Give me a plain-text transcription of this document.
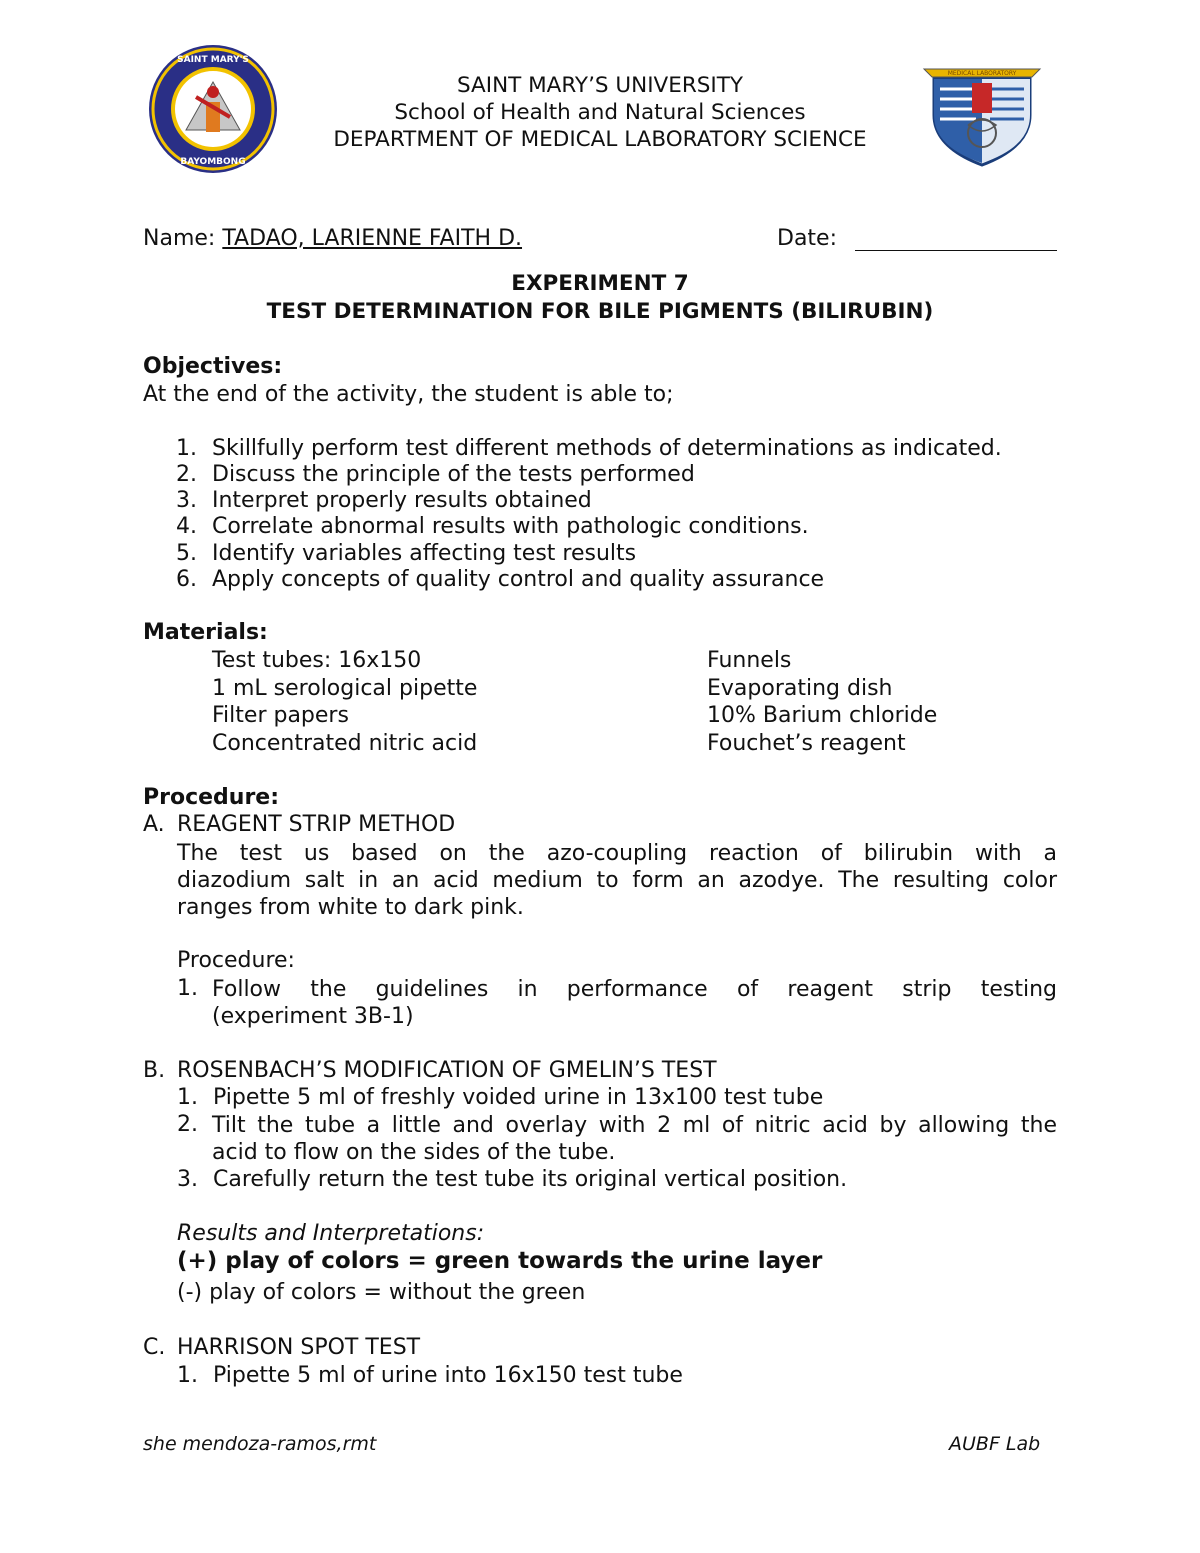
SAINT MARY'S
BAYOMBONG
MEDICAL LABORATORY
SAINT MARY’S UNIVERSITY
School of Health and Natural Sciences
DEPARTMENT OF MEDICAL LABORATORY SCIENCE
Name: TADAO, LARIENNE FAITH D.	Date:
EXPERIMENT 7
TEST DETERMINATION FOR BILE PIGMENTS (BILIRUBIN)
Objectives:
At the end of the activity, the student is able to;
1. Skillfully perform test different methods of determinations as indicated.
2. Discuss the principle of the tests performed
3. Interpret properly results obtained
4. Correlate abnormal results with pathologic conditions.
5. Identify variables affecting test results
6. Apply concepts of quality control and quality assurance
Materials:
Test tubes: 16x150
1 mL serological pipette
Filter papers
Concentrated nitric acid
Funnels
Evaporating dish
10% Barium chloride
Fouchet’s reagent
Procedure:
A. REAGENT STRIP METHOD
The test us based on the azo-coupling reaction of bilirubin with a
diazodium salt in an acid medium to form an azodye. The resulting color
ranges from white to dark pink.
Procedure:
1. Follow the guidelines in performance of reagent strip testing
(experiment 3B-1)
B. ROSENBACH’S MODIFICATION OF GMELIN’S TEST
1. Pipette 5 ml of freshly voided urine in 13x100 test tube
2. Tilt the tube a little and overlay with 2 ml of nitric acid by allowing the
acid to flow on the sides of the tube.
3. Carefully return the test tube its original vertical position.
Results and Interpretations:
(+) play of colors = green towards the urine layer
(-) play of colors = without the green
C. HARRISON SPOT TEST
1. Pipette 5 ml of urine into 16x150 test tube
she mendoza-ramos,rmt	AUBF Lab
